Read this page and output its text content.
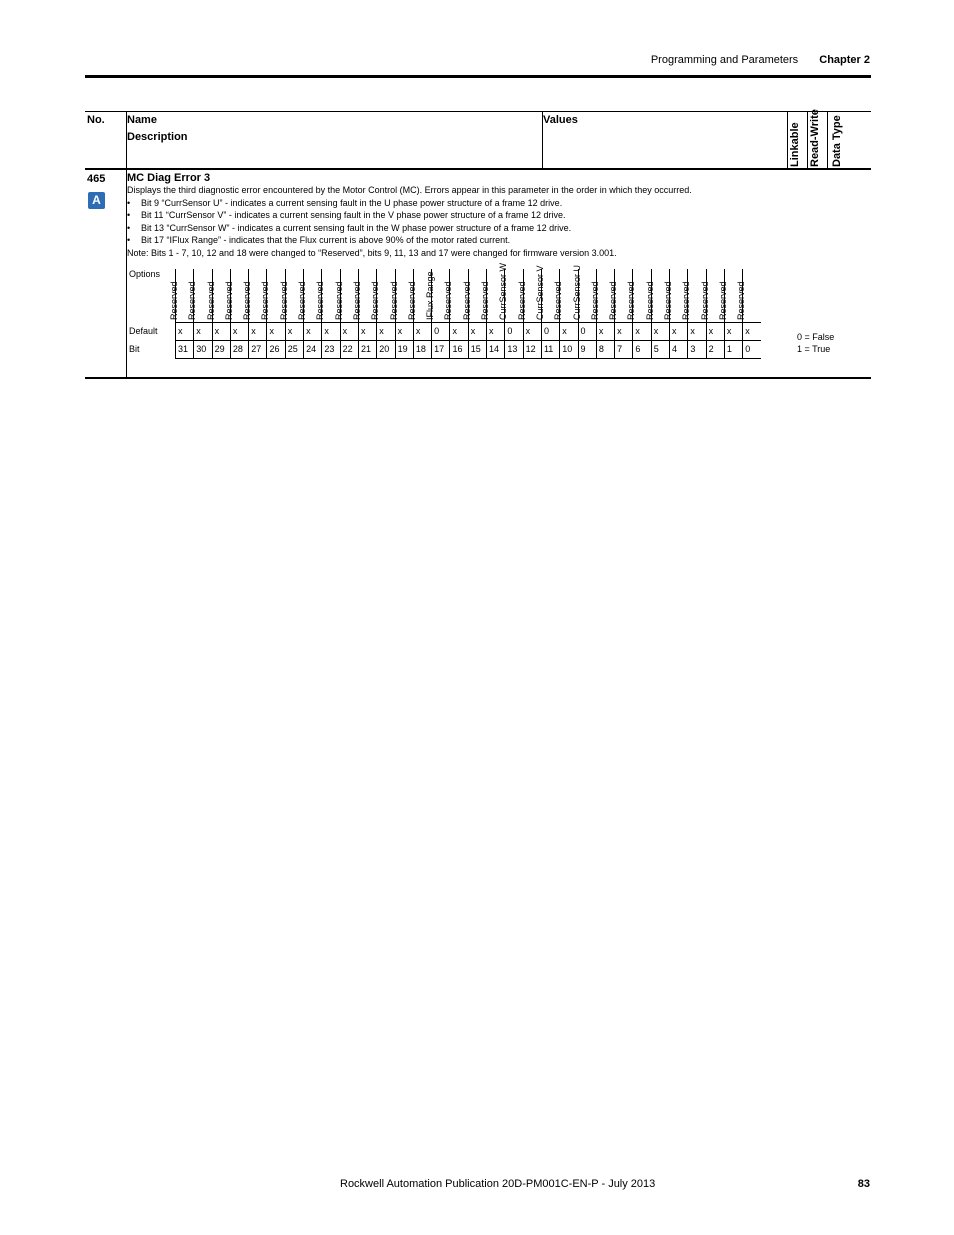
Programming and Parameters Chapter 2
No. Name
Description
Values
Linkable Read-Write Data Type
465
A
MC Diag Error 3
Displays the third diagnostic error encountered by the Motor Control (MC). Errors appear in this parameter in the order in which they occurred.
• Bit 9 “CurrSensor U” - indicates a current sensing fault in the U phase power structure of a frame 12 drive.
• Bit 11 “CurrSensor V” - indicates a current sensing fault in the V phase power structure of a frame 12 drive.
• Bit 13 “CurrSensor W” - indicates a current sensing fault in the W phase power structure of a frame 12 drive.
• Bit 17 “IFlux Range” - indicates that the Flux current is above 90% of the motor rated current.
Note: Bits 1 - 7, 10, 12 and 18 were changed to “Reserved”, bits 9, 11, 13 and 17 were changed for firmware version 3.001.
Options	Reserved	Reserved	Reserved	Reserved	Reserved	Reserved	Reserved	Reserved	Reserved	Reserved	Reserved	Reserved	Reserved	Reserved	IFlux Range	Reserved	Reserved	Reserved	CurrSensor W	Reserved	CurrSensor V	Reserved	CurrSensor U	Reserved	Reserved	Reserved	Reserved	Reserved	Reserved	Reserved	Reserved	Reserved

Default	x	x	x	x	x	x	x	x	x	x	x	x	x	x	0	x	x	x	0	x	0	x	0	x	x	x	x	x	x	x	x	x
Bit	31	30	29	28	27	26	25	24	23	22	21	20	19	18	17	16	15	14	13	12	11	10	9	8	7	6	5	4	3	2	1	0
0 = False
1 = True
Rockwell Automation Publication 20D-PM001C-EN-P - July 2013	83
